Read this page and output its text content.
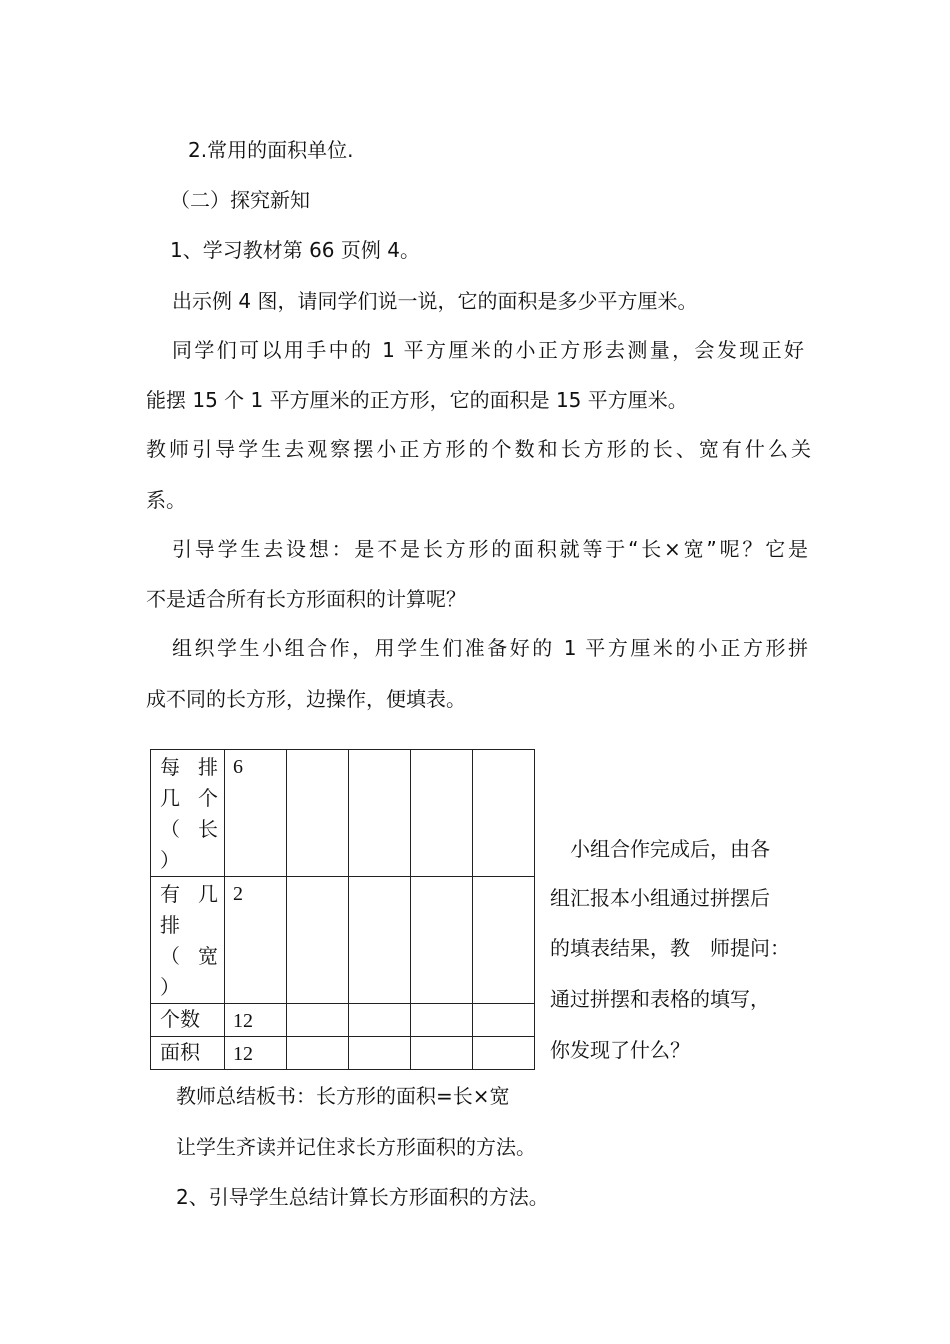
2.常用的面积单位.
（二）探究新知
1、学习教材第 66 页例 4。
出示例 4 图，请同学们说一说，它的面积是多少平方厘米。
同学们可以用手中的 1 平方厘米的小正方形去测量，会发现正好
能摆 15 个 1 平方厘米的正方形，它的面积是 15 平方厘米。
教师引导学生去观察摆小正方形的个数和长方形的长、宽有什么关
系。
引导学生去设想：是不是长方形的面积就等于“长×宽”呢？它是
不是适合所有长方形面积的计算呢？
组织学生小组合作，用学生们准备好的 1 平方厘米的小正方形拼
成不同的长方形，边操作，便填表。
每 排
几 个
（ 长
）	6				

有 几
排
（ 宽
）	2				
个数	12				
面积	12				
小组合作完成后，由各
组汇报本小组通过拼摆后
的填表结果，教　师提问：
通过拼摆和表格的填写，
你发现了什么？
教师总结板书：长方形的面积=长×宽
让学生齐读并记住求长方形面积的方法。
2、引导学生总结计算长方形面积的方法。
